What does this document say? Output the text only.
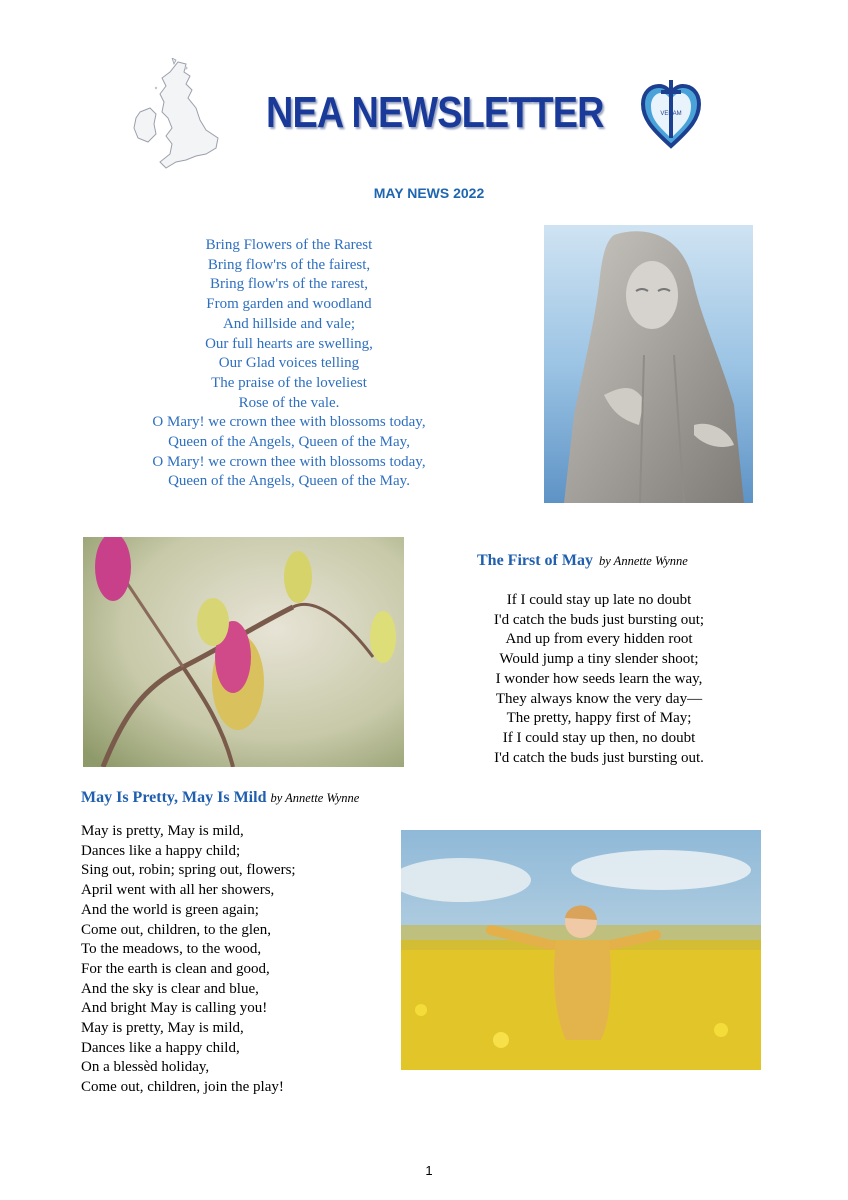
NEA NEWSLETTER	VERAM
MAY NEWS 2022
Bring Flowers of the Rarest
Bring flow'rs of the fairest,
Bring flow'rs of the rarest,
From garden and woodland
And hillside and vale;
Our full hearts are swelling,
Our Glad voices telling
The praise of the loveliest
Rose of the vale.
O Mary! we crown thee with blossoms today,
Queen of the Angels, Queen of the May,
O Mary! we crown thee with blossoms today,
Queen of the Angels, Queen of the May.
The First of May by Annette Wynne
If I could stay up late no doubt
I'd catch the buds just bursting out;
And up from every hidden root
Would jump a tiny slender shoot;
I wonder how seeds learn the way,
They always know the very day—
The pretty, happy first of May;
If I could stay up then, no doubt
I'd catch the buds just bursting out.
May Is Pretty, May Is Mild by Annette Wynne
May is pretty, May is mild,
Dances like a happy child;
Sing out, robin; spring out, flowers;
April went with all her showers,
And the world is green again;
Come out, children, to the glen,
To the meadows, to the wood,
For the earth is clean and good,
And the sky is clear and blue,
And bright May is calling you!
May is pretty, May is mild,
Dances like a happy child,
On a blessèd holiday,
Come out, children, join the play!
1
